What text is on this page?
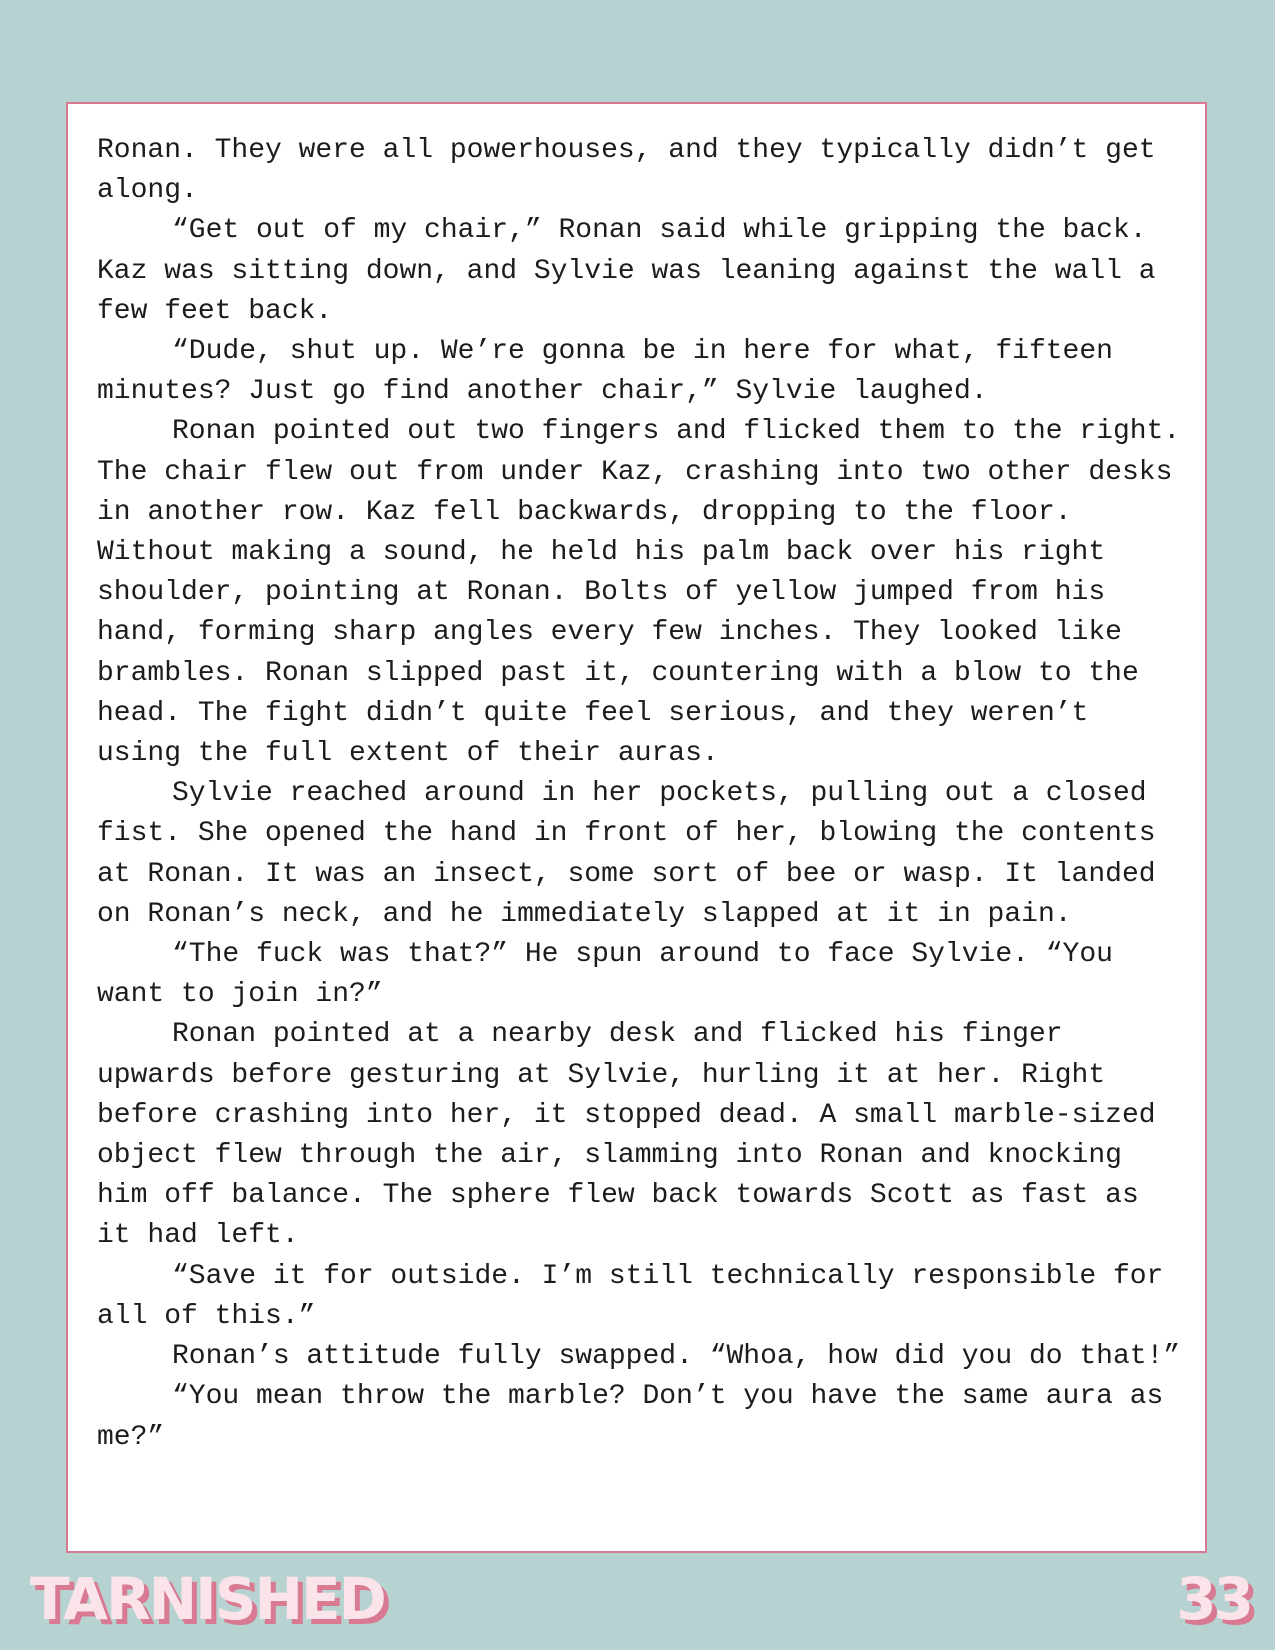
Ronan. They were all powerhouses, and they typically didn’t get along.

“Get out of my chair,” Ronan said while gripping the back. Kaz was sitting down, and Sylvie was leaning against the wall a few feet back.

“Dude, shut up. We’re gonna be in here for what, fifteen minutes? Just go find another chair,” Sylvie laughed.

Ronan pointed out two fingers and flicked them to the right. The chair flew out from under Kaz, crashing into two other desks in another row. Kaz fell backwards, dropping to the floor. Without making a sound, he held his palm back over his right shoulder, pointing at Ronan. Bolts of yellow jumped from his hand, forming sharp angles every few inches. They looked like brambles. Ronan slipped past it, countering with a blow to the head. The fight didn’t quite feel serious, and they weren’t using the full extent of their auras.

Sylvie reached around in her pockets, pulling out a closed fist. She opened the hand in front of her, blowing the contents at Ronan. It was an insect, some sort of bee or wasp. It landed on Ronan’s neck, and he immediately slapped at it in pain.

“The fuck was that?” He spun around to face Sylvie. “You want to join in?”

Ronan pointed at a nearby desk and flicked his finger upwards before gesturing at Sylvie, hurling it at her. Right before crashing into her, it stopped dead. A small marble-sized object flew through the air, slamming into Ronan and knocking him off balance. The sphere flew back towards Scott as fast as it had left.

“Save it for outside. I’m still technically responsible for all of this.”

Ronan’s attitude fully swapped. “Whoa, how did you do that!”

“You mean throw the marble? Don’t you have the same aura as me?”

TARNISHED	33
